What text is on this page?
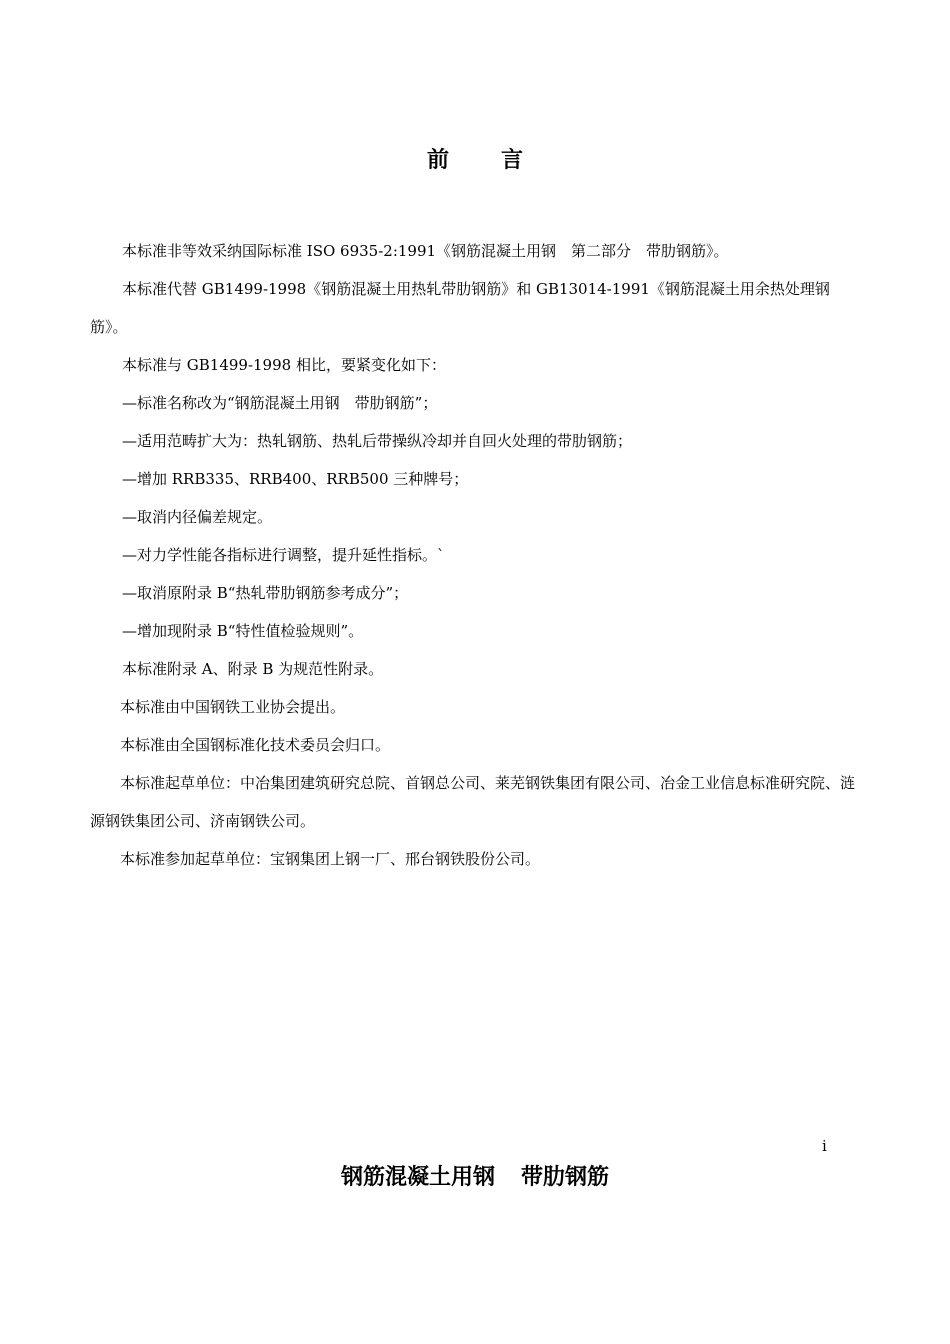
前 言

本标准非等效采纳国际标准 ISO 6935-2:1991《钢筋混凝土用钢　第二部分　带肋钢筋》。

本标准代替 GB1499-1998《钢筋混凝土用热轧带肋钢筋》和 GB13014-1991《钢筋混凝土用余热处理钢筋》。

本标准与 GB1499-1998 相比，要紧变化如下：

—标准名称改为“钢筋混凝土用钢　带肋钢筋”；

—适用范畴扩大为：热轧钢筋、热轧后带操纵冷却并自回火处理的带肋钢筋；

—增加 RRB335、RRB400、RRB500 三种牌号；

—取消内径偏差规定。

—对力学性能各指标进行调整，提升延性指标。`

—取消原附录 B“热轧带肋钢筋参考成分”；

—增加现附录 B“特性值检验规则”。

本标准附录 A、附录 B 为规范性附录。

本标准由中国钢铁工业协会提出。

本标准由全国钢标准化技术委员会归口。

本标准起草单位：中冶集团建筑研究总院、首钢总公司、莱芜钢铁集团有限公司、冶金工业信息标准研究院、涟源钢铁集团公司、济南钢铁公司。

本标准参加起草单位：宝钢集团上钢一厂、邢台钢铁股份公司。

i
钢筋混凝土用钢 带肋钢筋
